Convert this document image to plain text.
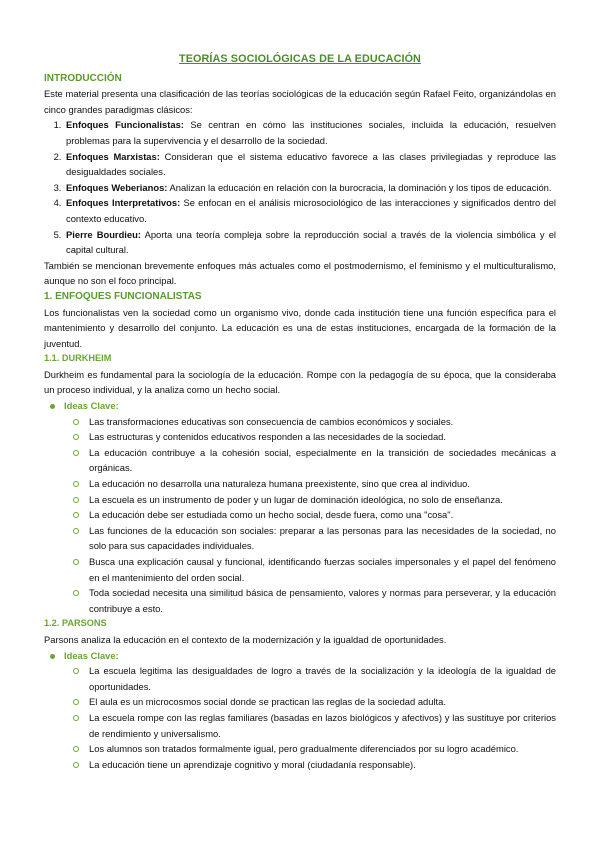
TEORÍAS SOCIOLÓGICAS DE LA EDUCACIÓN
INTRODUCCIÓN

Este material presenta una clasificación de las teorías sociológicas de la educación según Rafael Feito, organizándolas en cinco grandes paradigmas clásicos:

1. Enfoques Funcionalistas: Se centran en cómo las instituciones sociales, incluida la educación, resuelven problemas para la supervivencia y el desarrollo de la sociedad.
2. Enfoques Marxistas: Consideran que el sistema educativo favorece a las clases privilegiadas y reproduce las desigualdades sociales.
3. Enfoques Weberianos: Analizan la educación en relación con la burocracia, la dominación y los tipos de educación.
4. Enfoques Interpretativos: Se enfocan en el análisis microsociológico de las interacciones y significados dentro del contexto educativo.
5. Pierre Bourdieu: Aporta una teoría compleja sobre la reproducción social a través de la violencia simbólica y el capital cultural.

También se mencionan brevemente enfoques más actuales como el postmodernismo, el feminismo y el multiculturalismo, aunque no son el foco principal.

1. ENFOQUES FUNCIONALISTAS

Los funcionalistas ven la sociedad como un organismo vivo, donde cada institución tiene una función específica para el mantenimiento y desarrollo del conjunto. La educación es una de estas instituciones, encargada de la formación de la juventud.

1.1. DURKHEIM

Durkheim es fundamental para la sociología de la educación. Rompe con la pedagogía de su época, que la consideraba un proceso individual, y la analiza como un hecho social.

Ideas Clave:
Las transformaciones educativas son consecuencia de cambios económicos y sociales.
Las estructuras y contenidos educativos responden a las necesidades de la sociedad.
La educación contribuye a la cohesión social, especialmente en la transición de sociedades mecánicas a orgánicas.
La educación no desarrolla una naturaleza humana preexistente, sino que crea al individuo.
La escuela es un instrumento de poder y un lugar de dominación ideológica, no solo de enseñanza.
La educación debe ser estudiada como un hecho social, desde fuera, como una "cosa".
Las funciones de la educación son sociales: preparar a las personas para las necesidades de la sociedad, no solo para sus capacidades individuales.
Busca una explicación causal y funcional, identificando fuerzas sociales impersonales y el papel del fenómeno en el mantenimiento del orden social.
Toda sociedad necesita una similitud básica de pensamiento, valores y normas para perseverar, y la educación contribuye a esto.
1.2. PARSONS

Parsons analiza la educación en el contexto de la modernización y la igualdad de oportunidades.

Ideas Clave:
La escuela legitima las desigualdades de logro a través de la socialización y la ideología de la igualdad de oportunidades.
El aula es un microcosmos social donde se practican las reglas de la sociedad adulta.
La escuela rompe con las reglas familiares (basadas en lazos biológicos y afectivos) y las sustituye por criterios de rendimiento y universalismo.
Los alumnos son tratados formalmente igual, pero gradualmente diferenciados por su logro académico.
La educación tiene un aprendizaje cognitivo y moral (ciudadanía responsable).
